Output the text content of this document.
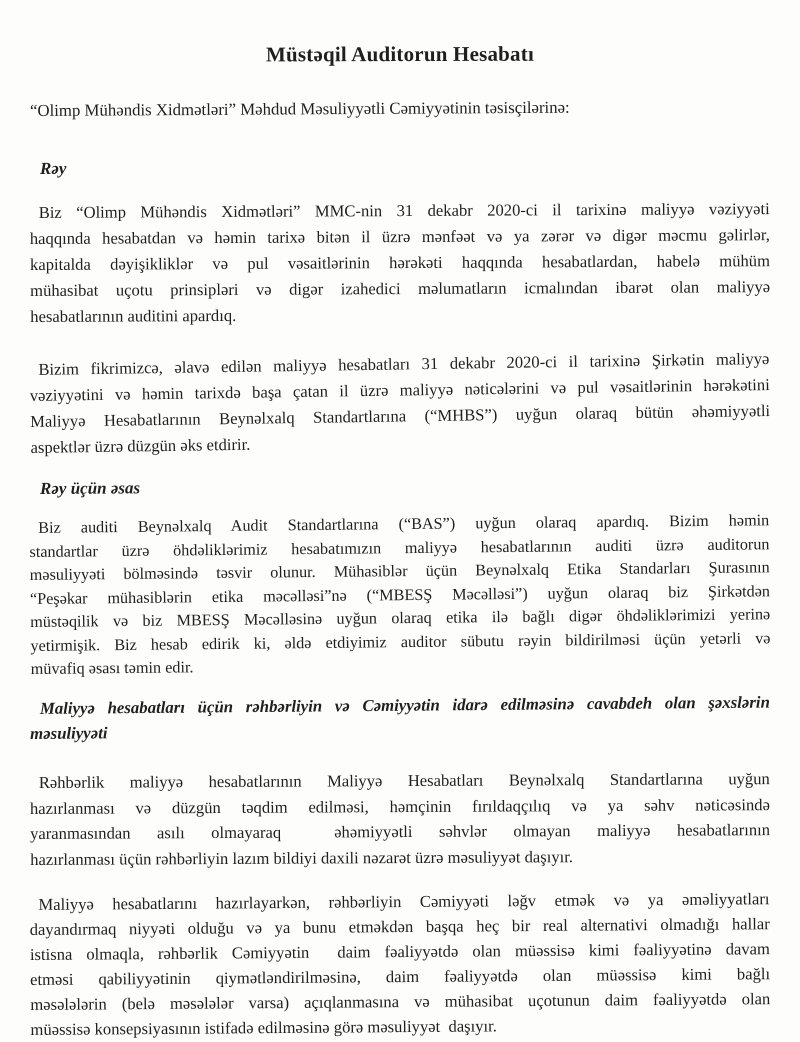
Müstəqil Auditorun Hesabatı
“Olimp Mühəndis Xidmətləri” Məhdud Məsuliyyətli Cəmiyyətinin təsisçilərinə:
Rəy
Biz “Olimp Mühəndis Xidmətləri” MMC-nin 31 dekabr 2020-ci il tarixinə maliyyə vəziyyəti
haqqında hesabatdan və həmin tarixə bitən il üzrə mənfəət və ya zərər və digər məcmu gəlirlər,
kapitalda dəyişikliklər və pul vəsaitlərinin hərəkəti haqqında hesabatlardan, habelə mühüm
mühasibat uçotu prinsipləri və digər izahedici məlumatların icmalından ibarət olan maliyyə
hesabatlarının auditini apardıq.
Bizim fikrimizcə, əlavə edilən maliyyə hesabatları 31 dekabr 2020-ci il tarixinə Şirkətin maliyyə
vəziyyətini və həmin tarixdə başa çatan il üzrə maliyyə nəticələrini və pul vəsaitlərinin hərəkətini
Maliyyə Hesabatlarının Beynəlxalq Standartlarına (“MHBS”) uyğun olaraq bütün əhəmiyyətli
aspektlər üzrə düzgün əks etdirir.
Rəy üçün əsas
Biz auditi Beynəlxalq Audit Standartlarına (“BAS”) uyğun olaraq apardıq. Bizim həmin
standartlar üzrə öhdəliklərimiz hesabatımızın maliyyə hesabatlarının auditi üzrə auditorun
məsuliyyəti bölməsində təsvir olunur. Mühasiblər üçün Beynəlxalq Etika Standarları Şurasının
“Peşəkar mühasiblərin etika məcəlləsi”nə (“MBESŞ Məcəlləsi”) uyğun olaraq biz Şirkətdən
müstəqilik və biz MBESŞ Məcəlləsinə uyğun olaraq etika ilə bağlı digər öhdəliklərimizi yerinə
yetirmişik. Biz hesab edirik ki, əldə etdiyimiz auditor sübutu rəyin bildirilməsi üçün yetərli və
müvafiq əsası təmin edir.
Maliyyə hesabatları üçün rəhbərliyin və Cəmiyyətin idarə edilməsinə cavabdeh olan şəxslərin
məsuliyyəti
Rəhbərlik maliyyə hesabatlarının Maliyyə Hesabatları Beynəlxalq Standartlarına uyğun
hazırlanması və düzgün təqdim edilməsi, həmçinin fırıldaqçılıq və ya səhv nəticəsində
yaranmasından asılı olmayaraq  əhəmiyyətli səhvlər olmayan maliyyə hesabatlarının
hazırlanması üçün rəhbərliyin lazım bildiyi daxili nəzarət üzrə məsuliyyət daşıyır.
Maliyyə hesabatlarını hazırlayarkən, rəhbərliyin Cəmiyyəti ləğv etmək və ya əməliyyatları
dayandırmaq niyyəti olduğu və ya bunu etməkdən başqa heç bir real alternativi olmadığı hallar
istisna olmaqla, rəhbərlik Cəmiyyətin  daim fəaliyyətdə olan müəssisə kimi fəaliyyətinə davam
etməsi qabiliyyətinin qiymətləndirilməsinə, daim fəaliyyətdə olan müəssisə kimi bağlı
məsələlərin (belə məsələlər varsa) açıqlanmasına və mühasibat uçotunun daim fəaliyyətdə olan
müəssisə konsepsiyasının istifadə edilməsinə görə məsuliyyət  daşıyır.
